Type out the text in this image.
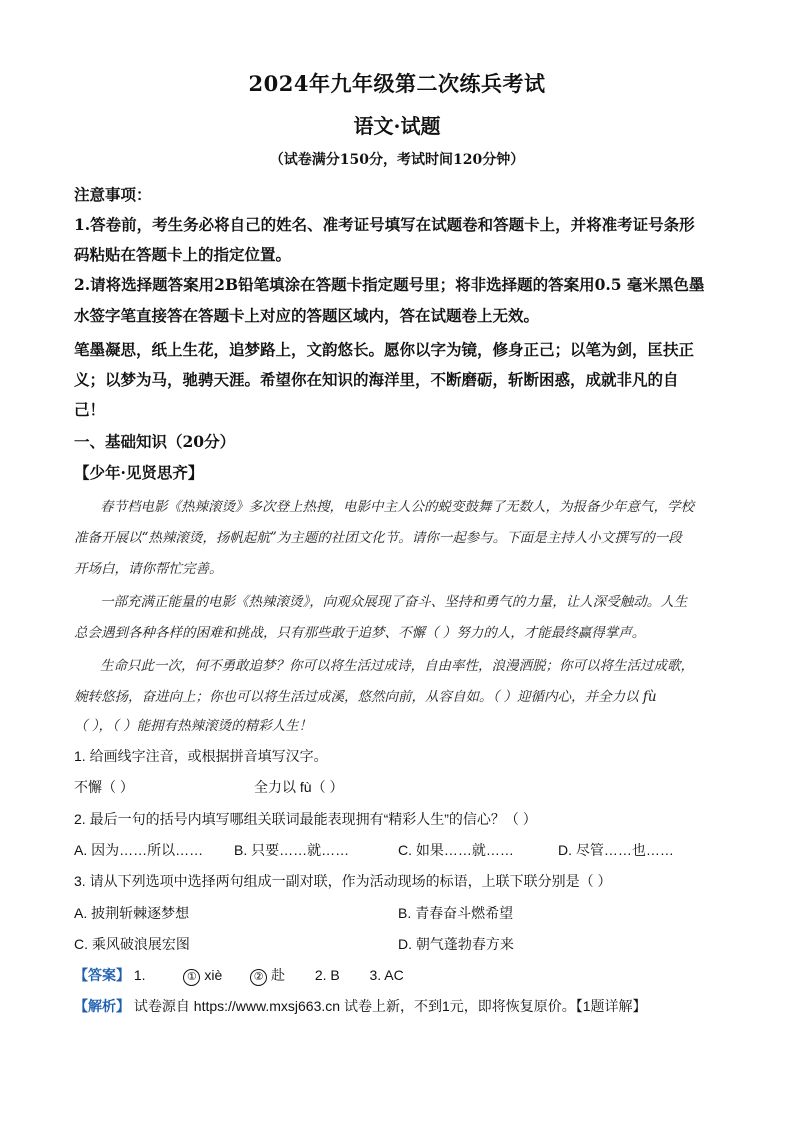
2024年九年级第二次练兵考试
语文·试题
（试卷满分150分，考试时间120分钟）
注意事项：
1.答卷前，考生务必将自己的姓名、准考证号填写在试题卷和答题卡上，并将准考证号条形
码粘贴在答题卡上的指定位置。
2.请将选择题答案用2B铅笔填涂在答题卡指定题号里；将非选择题的答案用0.5 毫米黑色墨
水签字笔直接答在答题卡上对应的答题区域内，答在试题卷上无效。
笔墨凝思，纸上生花，追梦路上，文韵悠长。愿你以字为镜，修身正己；以笔为剑，匡扶正
义；以梦为马，驰骋天涯。希望你在知识的海洋里，不断磨砺，斩断困惑，成就非凡的自
己！
一、基础知识（20分）
【少年·见贤思齐】
春节档电影《热辣滚烫》多次登上热搜，电影中主人公的蜕变鼓舞了无数人，为报备少年意气，学校
准备开展以“热辣滚烫，扬帆起航”为主题的社团文化节。请你一起参与。下面是主持人小文撰写的一段
开场白，请你帮忙完善。
一部充满正能量的电影《热辣滚烫》，向观众展现了奋斗、坚持和勇气的力量，让人深受触动。人生
总会遇到各种各样的困难和挑战，只有那些敢于追梦、不懈（ ）努力的人，才能最终赢得掌声。
生命只此一次，何不勇敢追梦？你可以将生活过成诗，自由率性，浪漫洒脱；你可以将生活过成歌，
婉转悠扬，奋进向上；你也可以将生活过成溪，悠然向前，从容自如。（ ）迎循内心，并全力以 fù
（ ），（ ）能拥有热辣滚烫的精彩人生！
1. 给画线字注音，或根据拼音填写汉字。
不懈（ ）	全力以 fù（ ）
2. 最后一句的括号内填写哪组关联词最能表现拥有“精彩人生”的信心？（ ）
A. 因为……所以…… B. 只要……就……	C. 如果……就……	D. 尽管……也……
3. 请从下列选项中选择两句组成一副对联，作为活动现场的标语，上联下联分别是（ ）
A. 披荆斩棘逐梦想	B. 青春奋斗燃希望
C. 乘风破浪展宏图	D. 朝气蓬勃春方来
【答案】 1.	① xiè	② 赴 2. B 3. AC
【解析】 试卷源自 https://www.mxsj663.cn 试卷上新，不到1元，即将恢复原价。【1题详解】
